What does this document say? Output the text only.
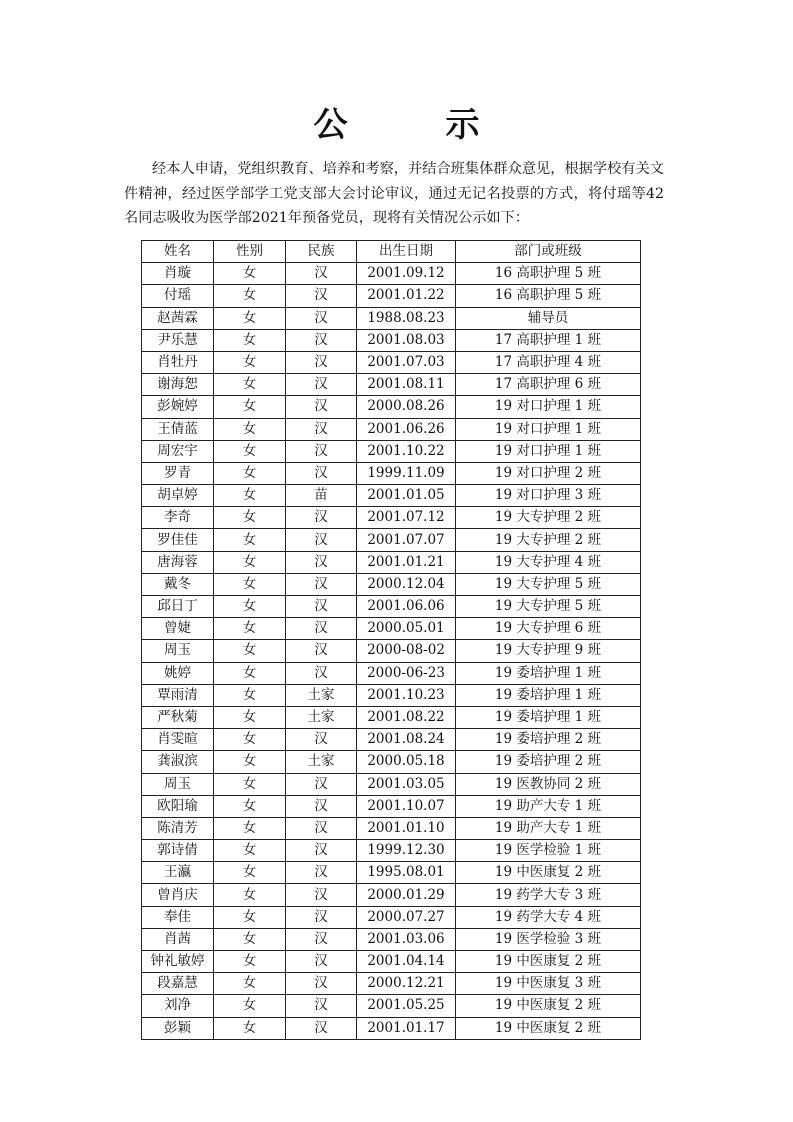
公　示

经本人申请，党组织教育、培养和考察，并结合班集体群众意见，根据学校有关文件精神，经过医学部学工党支部大会讨论审议，通过无记名投票的方式，将付瑶等42名同志吸收为医学部2021年预备党员，现将有关情况公示如下：

姓名	性别	民族	出生日期	部门或班级
肖璇	女	汉	2001.09.12	16 高职护理 5 班
付瑶	女	汉	2001.01.22	16 高职护理 5 班
赵茜霖	女	汉	1988.08.23	辅导员
尹乐慧	女	汉	2001.08.03	17 高职护理 1 班
肖牡丹	女	汉	2001.07.03	17 高职护理 4 班
谢海恕	女	汉	2001.08.11	17 高职护理 6 班
彭婉婷	女	汉	2000.08.26	19 对口护理 1 班
王倩蓝	女	汉	2001.06.26	19 对口护理 1 班
周宏宇	女	汉	2001.10.22	19 对口护理 1 班
罗青	女	汉	1999.11.09	19 对口护理 2 班
胡卓婷	女	苗	2001.01.05	19 对口护理 3 班
李奇	女	汉	2001.07.12	19 大专护理 2 班
罗佳佳	女	汉	2001.07.07	19 大专护理 2 班
唐海蓉	女	汉	2001.01.21	19 大专护理 4 班
戴冬	女	汉	2000.12.04	19 大专护理 5 班
邱日丁	女	汉	2001.06.06	19 大专护理 5 班
曾婕	女	汉	2000.05.01	19 大专护理 6 班
周玉	女	汉	2000-08-02	19 大专护理 9 班
姚婷	女	汉	2000-06-23	19 委培护理 1 班
覃雨清	女	土家	2001.10.23	19 委培护理 1 班
严秋菊	女	土家	2001.08.22	19 委培护理 1 班
肖雯暄	女	汉	2001.08.24	19 委培护理 2 班
龚淑滨	女	土家	2000.05.18	19 委培护理 2 班
周玉	女	汉	2001.03.05	19 医教协同 2 班
欧阳瑜	女	汉	2001.10.07	19 助产大专 1 班
陈清芳	女	汉	2001.01.10	19 助产大专 1 班
郭诗倩	女	汉	1999.12.30	19 医学检验 1 班
王瀛	女	汉	1995.08.01	19 中医康复 2 班
曾肖庆	女	汉	2000.01.29	19 药学大专 3 班
奉佳	女	汉	2000.07.27	19 药学大专 4 班
肖茜	女	汉	2001.03.06	19 医学检验 3 班
钟礼敏婷	女	汉	2001.04.14	19 中医康复 2 班
段嘉慧	女	汉	2000.12.21	19 中医康复 3 班
刘净	女	汉	2001.05.25	19 中医康复 2 班
彭颖	女	汉	2001.01.17	19 中医康复 2 班
